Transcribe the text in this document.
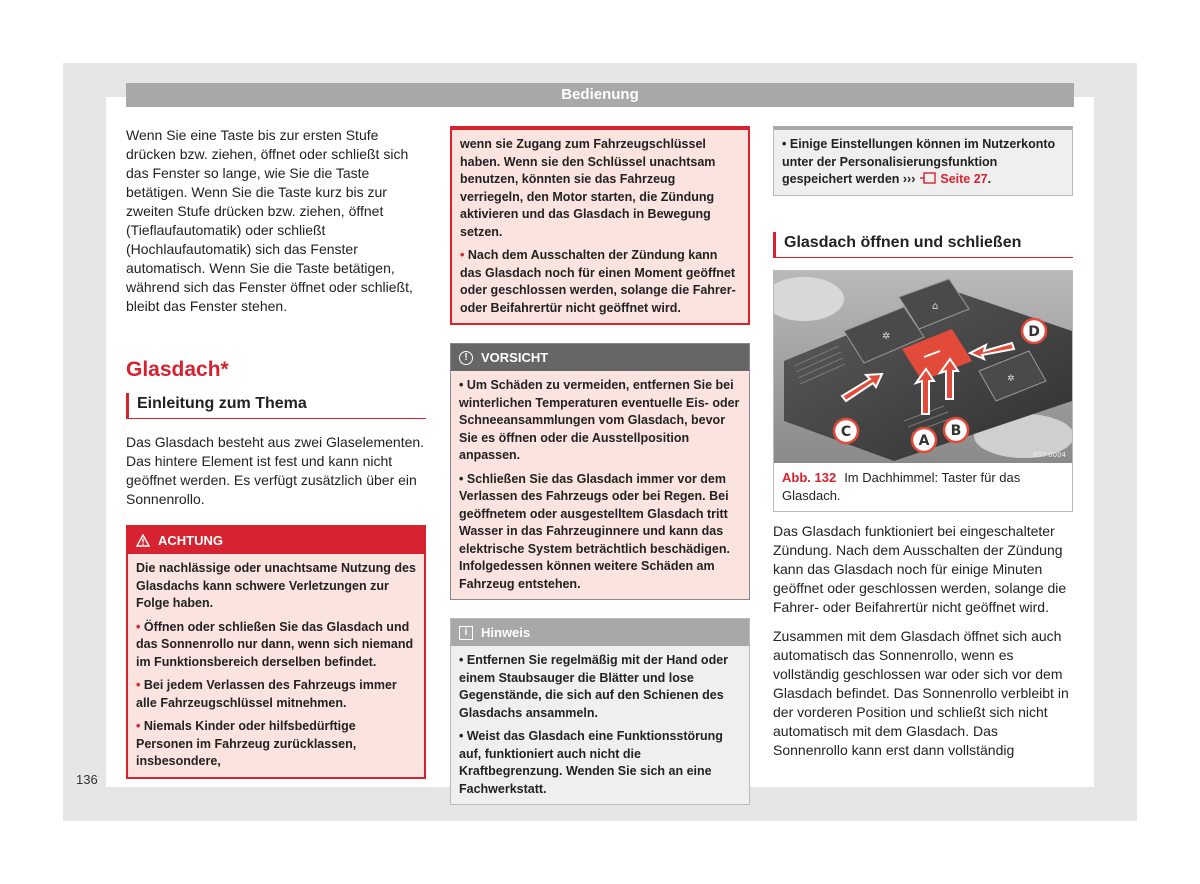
Bedienung

Wenn Sie eine Taste bis zur ersten Stufe drücken bzw. ziehen, öffnet oder schließt sich das Fenster so lange, wie Sie die Taste betätigen. Wenn Sie die Taste kurz bis zur zweiten Stufe drücken bzw. ziehen, öffnet (Tieflaufautomatik) oder schließt (Hochlaufautomatik) sich das Fenster automatisch. Wenn Sie die Taste betätigen, während sich das Fenster öffnet oder schließt, bleibt das Fenster stehen.

Glasdach*
Einleitung zum Thema

Das Glasdach besteht aus zwei Glaselementen. Das hintere Element ist fest und kann nicht geöffnet werden. Es verfügt zusätzlich über ein Sonnenrollo.

ACHTUNG

Die nachlässige oder unachtsame Nutzung des Glasdachs kann schwere Verletzungen zur Folge haben.

• Öffnen oder schließen Sie das Glasdach und das Sonnenrollo nur dann, wenn sich niemand im Funktionsbereich derselben befindet.

• Bei jedem Verlassen des Fahrzeugs immer alle Fahrzeugschlüssel mitnehmen.

• Niemals Kinder oder hilfsbedürftige Personen im Fahrzeug zurücklassen, insbesondere,

wenn sie Zugang zum Fahrzeugschlüssel haben. Wenn sie den Schlüssel unachtsam benutzen, könnten sie das Fahrzeug verriegeln, den Motor starten, die Zündung aktivieren und das Glasdach in Bewegung setzen.

• Nach dem Ausschalten der Zündung kann das Glasdach noch für einen Moment geöffnet oder geschlossen werden, solange die Fahrer- oder Beifahrertür nicht geöffnet wird.

!	VORSICHT

• Um Schäden zu vermeiden, entfernen Sie bei winterlichen Temperaturen eventuelle Eis- oder Schneeansammlungen vom Glasdach, bevor Sie es öffnen oder die Ausstellposition anpassen.

• Schließen Sie das Glasdach immer vor dem Verlassen des Fahrzeugs oder bei Regen. Bei geöffnetem oder ausgestelltem Glasdach tritt Wasser in das Fahrzeuginnere und kann das elektrische System beträchtlich beschädigen. Infolgedessen können weitere Schäden am Fahrzeug entstehen.

i	Hinweis

• Entfernen Sie regelmäßig mit der Hand oder einem Staubsauger die Blätter und lose Gegenstände, die sich auf den Schienen des Glasdachs ansammeln.

• Weist das Glasdach eine Funktionsstörung auf, funktioniert auch nicht die Kraftbegrenzung. Wenden Sie sich an eine Fachwerkstatt.

• Einige Einstellungen können im Nutzerkonto unter der Personalisierungsfunktion gespeichert werden ››› Seite 27.
Glasdach öffnen und schließen
✲
⌂
✲
C
A
B
D
B5T-0004
Abb. 132 Im Dachhimmel: Taster für das Glasdach.

Das Glasdach funktioniert bei eingeschalteter Zündung. Nach dem Ausschalten der Zündung kann das Glasdach noch für einige Minuten geöffnet oder geschlossen werden, solange die Fahrer- oder Beifahrertür nicht geöffnet wird.

Zusammen mit dem Glasdach öffnet sich auch automatisch das Sonnenrollo, wenn es vollständig geschlossen war oder sich vor dem Glasdach befindet. Das Sonnenrollo verbleibt in der vorderen Position und schließt sich nicht automatisch mit dem Glasdach. Das Sonnenrollo kann erst dann vollständig

136
